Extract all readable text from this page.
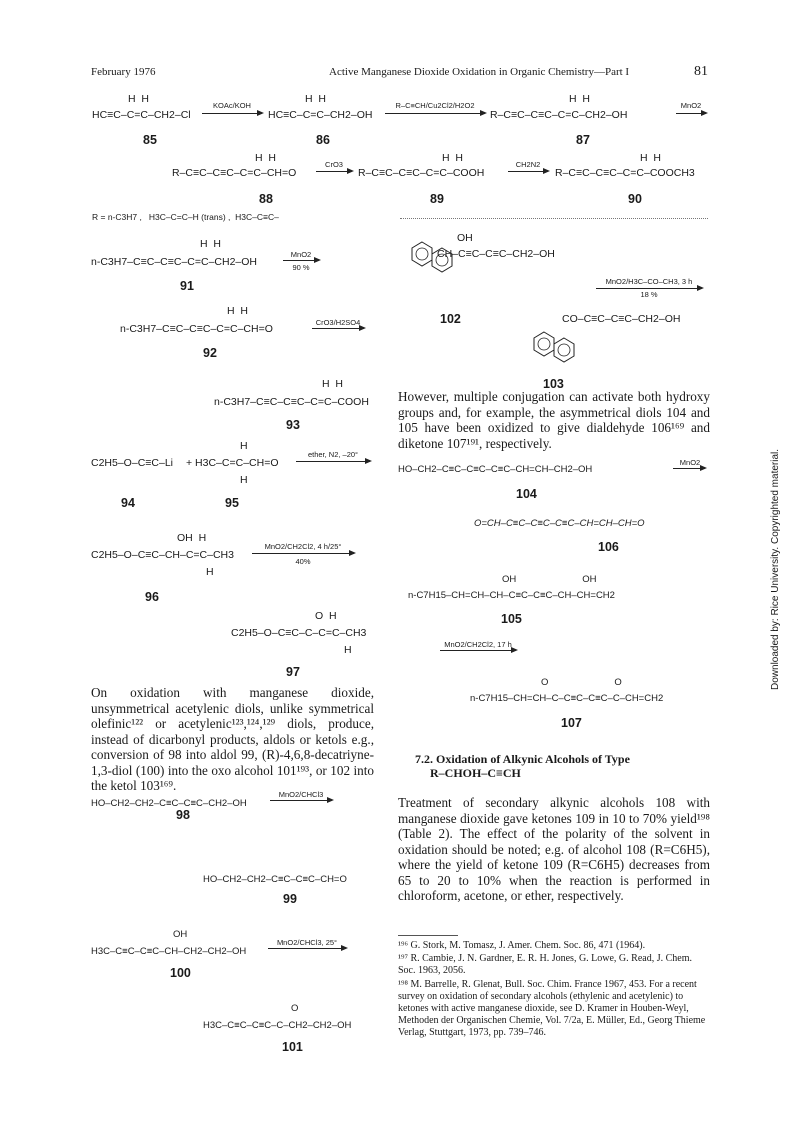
February 1976	Active Manganese Dioxide Oxidation in Organic Chemistry—Part I	81
Downloaded by: Rice University. Copyrighted material.
H  H
HC≡C–C=C–CH2–Cl
85
KOAc/KOH
H  H
HC≡C–C=C–CH2–OH
86
R–C≡CH/Cu2Cl2/H2O2
H  H
R–C≡C–C≡C–C=C–CH2–OH
87
MnO2
H  H
R–C≡C–C≡C–C=C–CH=O
88
CrO3
H  H
R–C≡C–C≡C–C=C–COOH
89
CH2N2
H  H
R–C≡C–C≡C–C=C–COOCH3
90
R = n-C3H7 ,   H3C–C=C–H (trans) ,  H3C–C≡C–
H  H
n-C3H7–C≡C–C≡C–C=C–CH2–OH
91
MnO2
90 %
H  H
n-C3H7–C≡C–C≡C–C=C–CH=O
92
CrO3/H2SO4
H  H
n-C3H7–C≡C–C≡C–C=C–COOH
93
OH
CH–C≡C–C≡C–CH2–OH
102
MnO2/H3C–CO–CH3, 3 h
18 %
CO–C≡C–C≡C–CH2–OH
103
However, multiple conjugation can activate both hydroxy groups and, for example, the asymmetrical diols 104 and 105 have been oxidized to give dialdehyde 106¹⁶⁹ and diketone 107¹⁹¹, respectively.
HO–CH2–C≡C–C≡C–C≡C–CH=CH–CH2–OH
MnO2
104
O=CH–C≡C–C≡C–C≡C–CH=CH–CH=O
106
OH                         OH
n-C7H15–CH=CH–CH–C≡C–C≡C–CH–CH=CH2
105
MnO2/CH2Cl2, 17 h
O                         O
n-C7H15–CH=CH–C–C≡C–C≡C–C–CH=CH2
107
H
C2H5–O–C≡C–Li + H3C–C=C–CH=O
H
ether, N2, –20°
94	95
OH  H
C2H5–O–C≡C–CH–C=C–CH3
H
MnO2/CH2Cl2, 4 h/25°
40%
96
O  H
C2H5–O–C≡C–C–C=C–CH3
H
97
On oxidation with manganese dioxide, unsymmetrical acetylenic diols, unlike symmetrical olefinic¹²² or acetylenic¹²³,¹²⁴,¹²⁹ diols, produce, instead of dicarbonyl products, aldols or ketols e.g., conversion of 98 into aldol 99, (R)-4,6,8-decatriyne-1,3-diol (100) into the oxo alcohol 101¹⁹³, or 102 into the ketol 103¹⁶⁹.
HO–CH2–CH2–C≡C–C≡C–CH2–OH
MnO2/CHCl3
98
HO–CH2–CH2–C≡C–C≡C–CH=O
99
OH
H3C–C≡C–C≡C–CH–CH2–CH2–OH
MnO2/CHCl3, 25°
100
O
H3C–C≡C–C≡C–C–CH2–CH2–OH
101
7.2. Oxidation of Alkynic Alcohols of Type
R–CHOH–C≡CH
Treatment of secondary alkynic alcohols 108 with manganese dioxide gave ketones 109 in 10 to 70% yield¹⁹⁸ (Table 2). The effect of the polarity of the solvent in oxidation should be noted; e.g. of alcohol 108 (R=C6H5), where the yield of ketone 109 (R=C6H5) decreases from 65 to 20 to 10% when the reaction is performed in chloroform, acetone, or ether, respectively.
¹⁹⁶ G. Stork, M. Tomasz, J. Amer. Chem. Soc. 86, 471 (1964).
¹⁹⁷ R. Cambie, J. N. Gardner, E. R. H. Jones, G. Lowe, G. Read, J. Chem. Soc. 1963, 2056.
¹⁹⁸ M. Barrelle, R. Glenat, Bull. Soc. Chim. France 1967, 453. For a recent survey on oxidation of secondary alcohols (ethylenic and acetylenic) to ketones with active manganese dioxide, see D. Kramer in Houben-Weyl, Methoden der Organischen Chemie, Vol. 7/2a, E. Müller, Ed., Georg Thieme Verlag, Stuttgart, 1973, pp. 739–746.
